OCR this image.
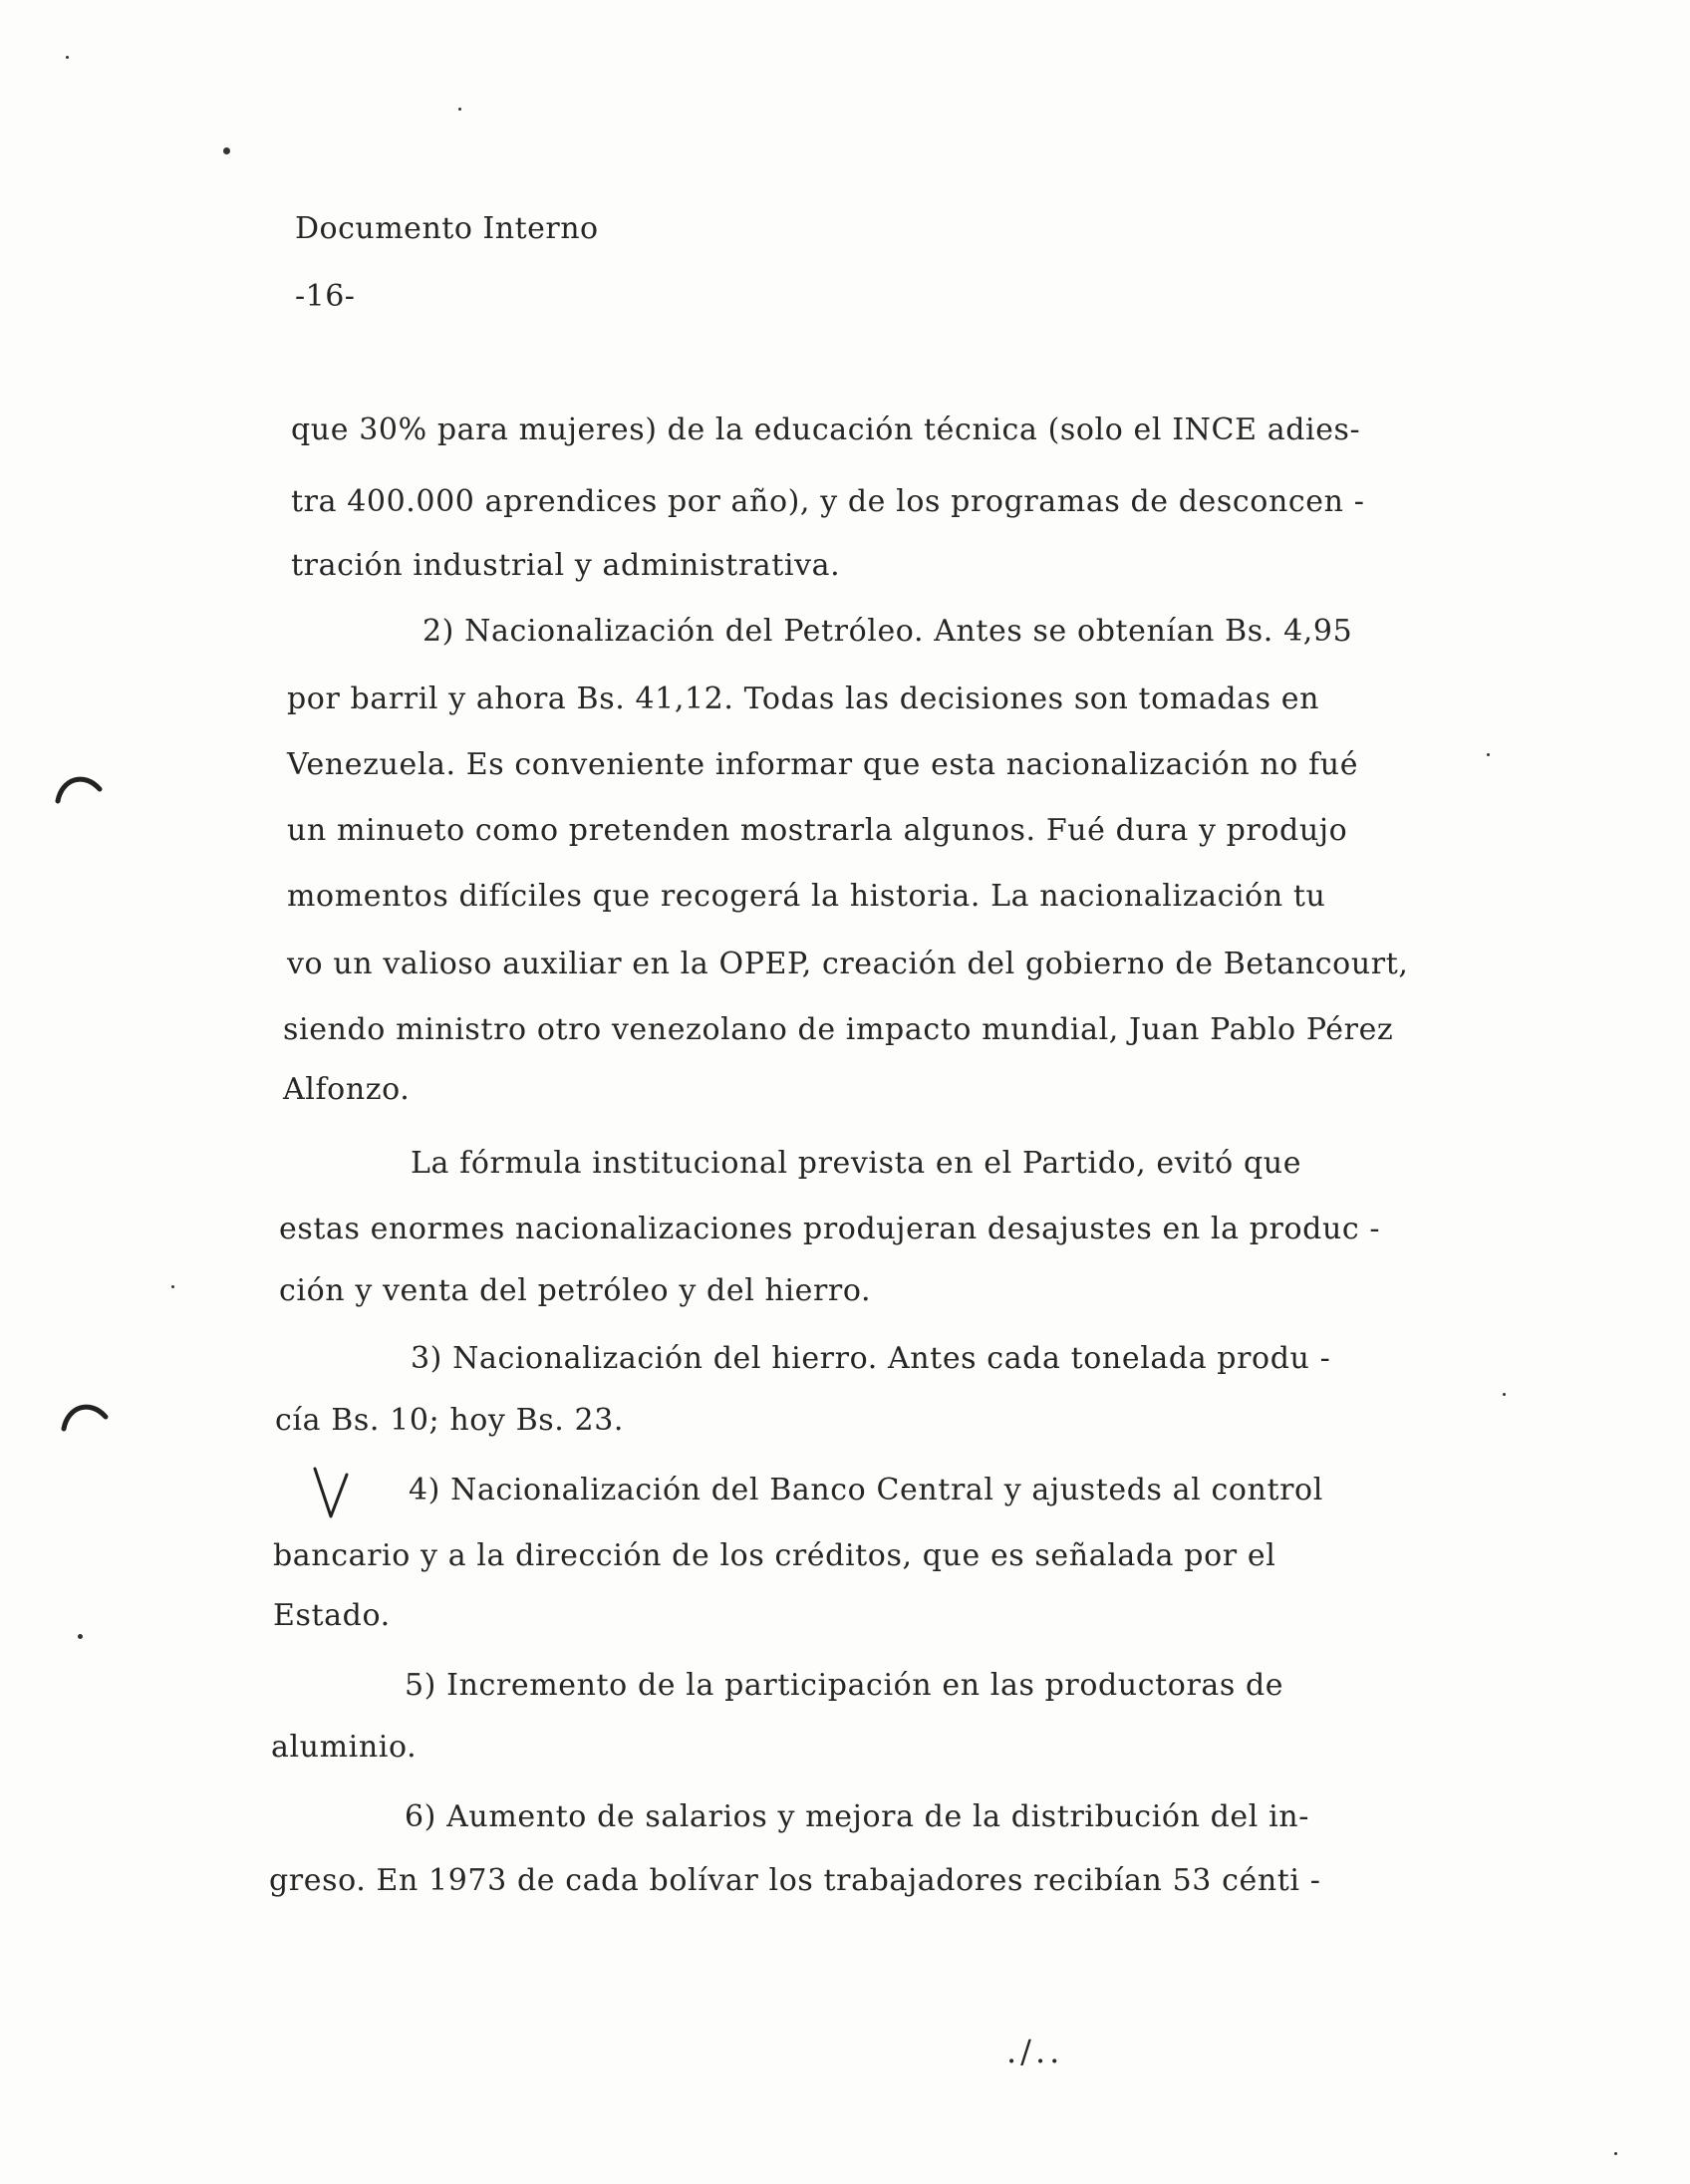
Documento Interno
-16-
que 30% para mujeres) de la educación técnica (solo el INCE adies-
tra 400.000 aprendices por año), y de los programas de desconcen -
tración industrial y administrativa.
2) Nacionalización del Petróleo. Antes se obtenían Bs. 4,95
por barril y ahora Bs. 41,12. Todas las decisiones son tomadas en
Venezuela. Es conveniente informar que esta nacionalización no fué
un minueto como pretenden mostrarla algunos. Fué dura y produjo
momentos difíciles que recogerá la historia. La nacionalización tu
vo un valioso auxiliar en la OPEP, creación del gobierno de Betancourt,
siendo ministro otro venezolano de impacto mundial, Juan Pablo Pérez
Alfonzo.
La fórmula institucional prevista en el Partido, evitó que
estas enormes nacionalizaciones produjeran desajustes en la produc -
ción y venta del petróleo y del hierro.
3) Nacionalización del hierro. Antes cada tonelada produ -
cía Bs. 10; hoy Bs. 23.
4) Nacionalización del Banco Central y ajusteds al control
bancario y a la dirección de los créditos, que es señalada por el
Estado.
5) Incremento de la participación en las productoras de
aluminio.
6) Aumento de salarios y mejora de la distribución del in-
greso. En 1973 de cada bolívar los trabajadores recibían 53 cénti -
./..
